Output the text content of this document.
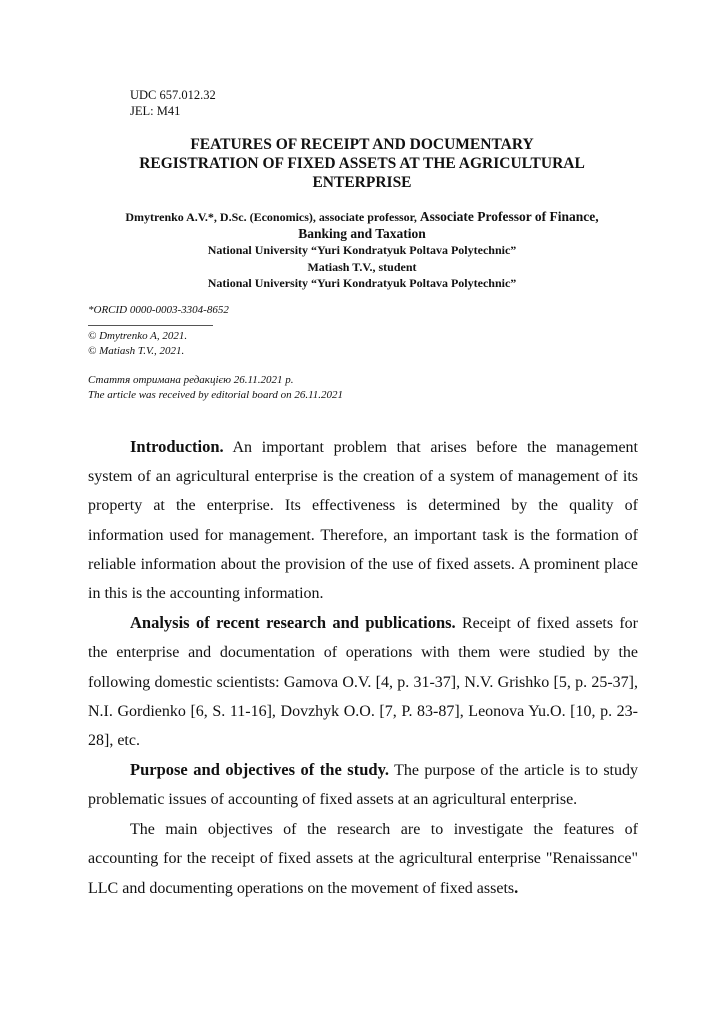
UDC 657.012.32
JEL: M41
FEATURES OF RECEIPT AND DOCUMENTARY
REGISTRATION OF FIXED ASSETS AT THE AGRICULTURAL
ENTERPRISE
Dmytrenko A.V.*, D.Sc. (Economics), associate professor, Associate Professor of Finance,
Banking and Taxation
National University “Yuri Kondratyuk Poltava Polytechnic”
Matiash T.V., student
National University “Yuri Kondratyuk Poltava Polytechnic”
*ORCID 0000-0003-3304-8652
© Dmytrenko A, 2021.
© Matiash T.V., 2021.
Стаття отримана редакцією 26.11.2021 р.
The article was received by editorial board on 26.11.2021

Introduction. An important problem that arises before the management system of an agricultural enterprise is the creation of a system of management of its property at the enterprise. Its effectiveness is determined by the quality of information used for management. Therefore, an important task is the formation of reliable information about the provision of the use of fixed assets. A prominent place in this is the accounting information.

Analysis of recent research and publications. Receipt of fixed assets for the enterprise and documentation of operations with them were studied by the following domestic scientists: Gamova O.V. [4, p. 31-37], N.V. Grishko [5, p. 25-37], N.I. Gordienko [6, S. 11-16], Dovzhyk O.O. [7, P. 83-87], Leonova Yu.O. [10, p. 23-28], etc.

Purpose and objectives of the study. The purpose of the article is to study problematic issues of accounting of fixed assets at an agricultural enterprise.

The main objectives of the research are to investigate the features of accounting for the receipt of fixed assets at the agricultural enterprise "Renaissance" LLC and documenting operations on the movement of fixed assets.
